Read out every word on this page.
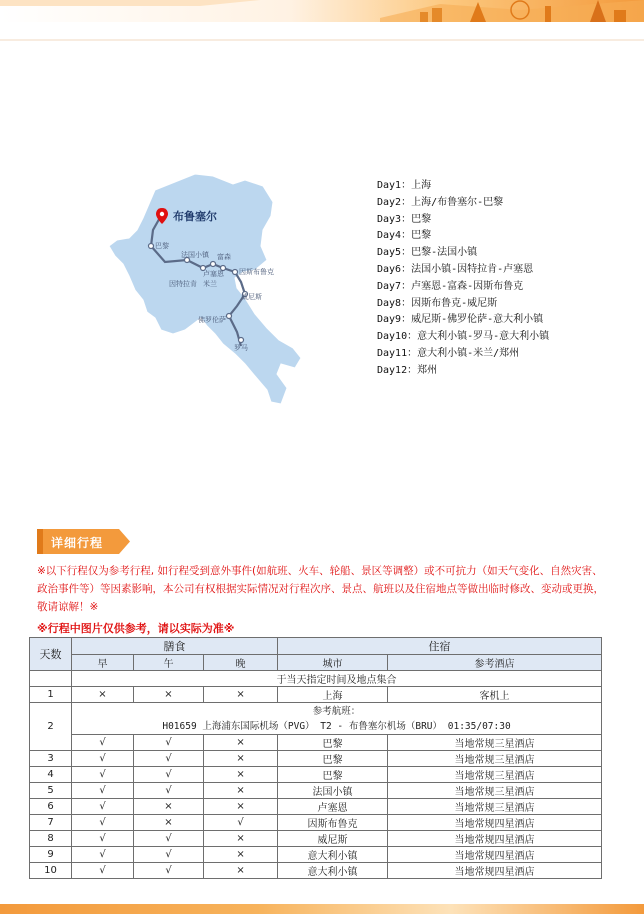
布鲁塞尔
巴黎
法国小镇 富森
卢塞恩 因斯布鲁克
因特拉肯 米兰
威尼斯
佛罗伦萨
罗马
Day1：上海
Day2：上海/布鲁塞尔-巴黎
Day3：巴黎
Day4：巴黎
Day5：巴黎-法国小镇
Day6：法国小镇-因特拉肯-卢塞恩
Day7：卢塞恩-富森-因斯布鲁克
Day8：因斯布鲁克-威尼斯
Day9：威尼斯-佛罗伦萨-意大利小镇
Day10：意大利小镇-罗马-意大利小镇
Day11：意大利小镇-米兰/郑州
Day12：郑州
详细行程
※以下行程仅为参考行程, 如行程受到意外事件(如航班、火车、轮船、景区等调整）或不可抗力（如天气变化、自然灾害、政治事件等）等因素影响，本公司有权根据实际情况对行程次序、景点、航班以及住宿地点等做出临时修改、变动或更换，敬请谅解！※
※行程中图片仅供参考，请以实际为准※
天数	膳食			住宿	
	早	午	晚	城市	参考酒店
	于当天指定时间及地点集合				
1	×	×	×	上海	客机上
2	参考航班：
H01659 上海浦东国际机场（PVG） T2 - 布鲁塞尔机场（BRU） 01:35/07:30				

	√	√	×	巴黎	当地常规三星酒店
3	√	√	×	巴黎	当地常规三星酒店
4	√	√	×	巴黎	当地常规三星酒店
5	√	√	×	法国小镇	当地常规三星酒店
6	√	×	×	卢塞恩	当地常规三星酒店
7	√	×	√	因斯布鲁克	当地常规四星酒店
8	√	√	×	威尼斯	当地常规四星酒店
9	√	√	×	意大利小镇	当地常规四星酒店
10	√	√	×	意大利小镇	当地常规四星酒店
